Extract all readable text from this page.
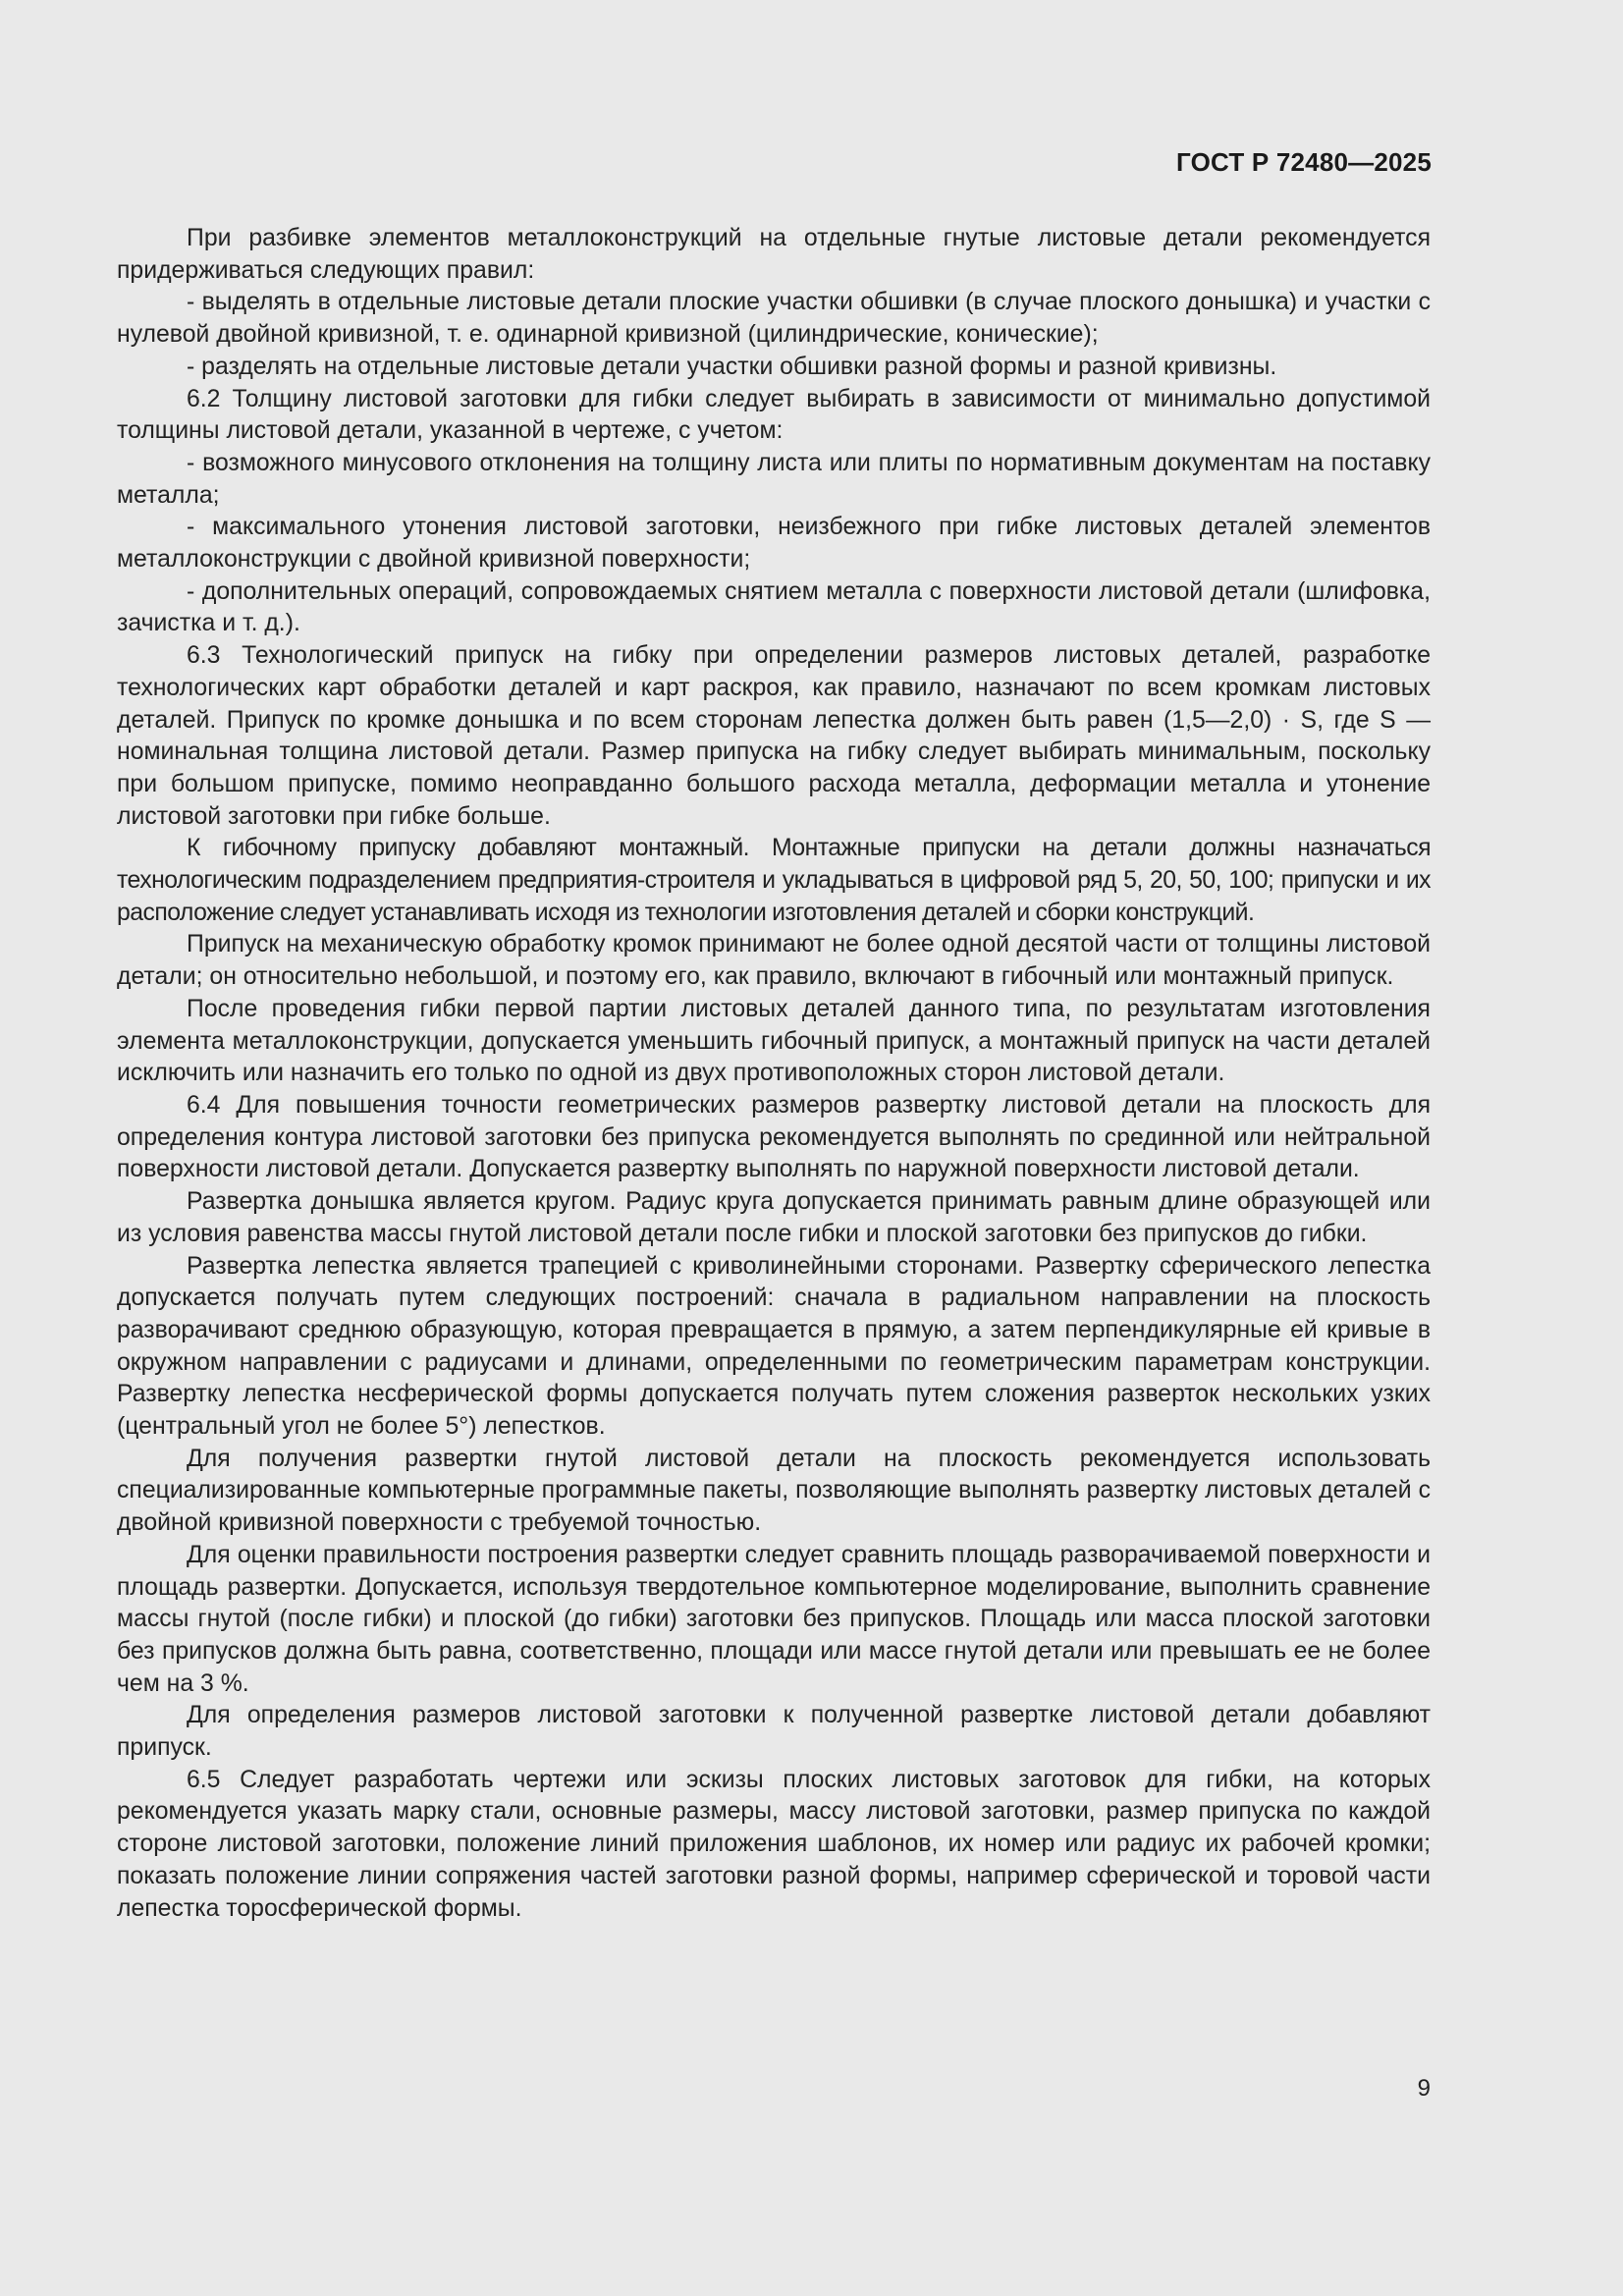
ГОСТ Р 72480—2025

При разбивке элементов металлоконструкций на отдельные гнутые листовые детали рекомендуется придерживаться следующих правил:

- выделять в отдельные листовые детали плоские участки обшивки (в случае плоского донышка) и участки с нулевой двойной кривизной, т. е. одинарной кривизной (цилиндрические, конические);

- разделять на отдельные листовые детали участки обшивки разной формы и разной кривизны.

6.2 Толщину листовой заготовки для гибки следует выбирать в зависимости от минимально допустимой толщины листовой детали, указанной в чертеже, с учетом:

- возможного минусового отклонения на толщину листа или плиты по нормативным документам на поставку металла;

- максимального утонения листовой заготовки, неизбежного при гибке листовых деталей элементов металлоконструкции с двойной кривизной поверхности;

- дополнительных операций, сопровождаемых снятием металла с поверхности листовой детали (шлифовка, зачистка и т. д.).

6.3 Технологический припуск на гибку при определении размеров листовых деталей, разработке технологических карт обработки деталей и карт раскроя, как правило, назначают по всем кромкам листовых деталей. Припуск по кромке донышка и по всем сторонам лепестка должен быть равен (1,5—2,0) · S, где S — номинальная толщина листовой детали. Размер припуска на гибку следует выбирать минимальным, поскольку при большом припуске, помимо неоправданно большого расхода металла, деформации металла и утонение листовой заготовки при гибке больше.

К гибочному припуску добавляют монтажный. Монтажные припуски на детали должны назначаться технологическим подразделением предприятия-строителя и укладываться в цифровой ряд 5, 20, 50, 100; припуски и их расположение следует устанавливать исходя из технологии изготовления деталей и сборки конструкций.

Припуск на механическую обработку кромок принимают не более одной десятой части от толщины листовой детали; он относительно небольшой, и поэтому его, как правило, включают в гибочный или монтажный припуск.

После проведения гибки первой партии листовых деталей данного типа, по результатам изготовления элемента металлоконструкции, допускается уменьшить гибочный припуск, а монтажный припуск на части деталей исключить или назначить его только по одной из двух противоположных сторон листовой детали.

6.4 Для повышения точности геометрических размеров развертку листовой детали на плоскость для определения контура листовой заготовки без припуска рекомендуется выполнять по срединной или нейтральной поверхности листовой детали. Допускается развертку выполнять по наружной поверхности листовой детали.

Развертка донышка является кругом. Радиус круга допускается принимать равным длине образующей или из условия равенства массы гнутой листовой детали после гибки и плоской заготовки без припусков до гибки.

Развертка лепестка является трапецией с криволинейными сторонами. Развертку сферического лепестка допускается получать путем следующих построений: сначала в радиальном направлении на плоскость разворачивают среднюю образующую, которая превращается в прямую, а затем перпендикулярные ей кривые в окружном направлении с радиусами и длинами, определенными по геометрическим параметрам конструкции. Развертку лепестка несферической формы допускается получать путем сложения разверток нескольких узких (центральный угол не более 5°) лепестков.

Для получения развертки гнутой листовой детали на плоскость рекомендуется использовать специализированные компьютерные программные пакеты, позволяющие выполнять развертку листовых деталей с двойной кривизной поверхности с требуемой точностью.

Для оценки правильности построения развертки следует сравнить площадь разворачиваемой поверхности и площадь развертки. Допускается, используя твердотельное компьютерное моделирование, выполнить сравнение массы гнутой (после гибки) и плоской (до гибки) заготовки без припусков. Площадь или масса плоской заготовки без припусков должна быть равна, соответственно, площади или массе гнутой детали или превышать ее не более чем на 3 %.

Для определения размеров листовой заготовки к полученной развертке листовой детали добавляют припуск.

6.5 Следует разработать чертежи или эскизы плоских листовых заготовок для гибки, на которых рекомендуется указать марку стали, основные размеры, массу листовой заготовки, размер припуска по каждой стороне листовой заготовки, положение линий приложения шаблонов, их номер или радиус их рабочей кромки; показать положение линии сопряжения частей заготовки разной формы, например сферической и торовой части лепестка торосферической формы.

9
